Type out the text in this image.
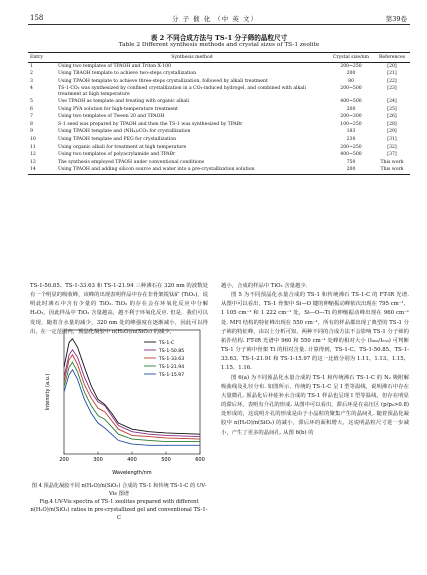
158	分 子 催 化 （中 英 文）	第39卷
表 2 不同合成方法与 TS-1 分子筛的晶粒尺寸
Table 2 Different synthesis methods and crystal sizes of TS-1 zeolite
Entry	Synthesis method	Crystal size/nm	References
1	Using two templates of TPAOH and Triton X-100	200~250	[20]
2	Using TBAOH template to achieve two-steps crystallization	200	[21]
3	Using TPAOH template to achieve three-steps crystallization, followed by alkali treatment	80	[22]
4	TS-1-CO₂ was synthesized by confined crystallization in a CO₂-induced hydrogel, and combined with alkali treatment at high temperature	200~500	[23]
5	Use TPAOH as template and treating with organic alkali	400~500	[24]
6	Using PVA solution for high-temperature treatment	200	[25]
7	Using two templates of Tween 20 and TPAOH	200~300	[26]
8	S-1 seed was prepared by TPAOH and then the TS-1 was synthesized by TPABr	100~250	[28]
9	Using TPAOH template and (NH₄)₂CO₃ for crystallization	183	[29]
10	Using TPAOH template and PEG for crystallization	230	[31]
11	Using organic alkali for treatment at high temperature	200~250	[32]
12	Using two templates of polyacrylamide and TPABr	400~500	[37]
13	The synthesis employed TPAOH under conventional conditions	750	This work
14	Using TPAOH and adding silicon source and water into a pre-crystallization solution	200	This work

TS-1-50.85、TS-1-33.63 和 TS-1-21.94 三种沸石在 320 nm 的波数处有一个明显的吸收峰，该峰的出现表明样品中存在非骨架锐钛矿 (TiO₂)，说明此时沸石中含有少量的 TiO₂. TiO₂ 的存在会在环氧化反应中分解 H₂O₂，因此样品中 TiO₂ 含量越高，越不利于环氧化反应. 但是，我们可以发现，随着含水量的减少，320 nm 处的峰强度在逐渐减小，因此可以得出，在一定范围内，预晶化凝胶中 n(H₂O)/n(SiO₂) 的减少，

Intensity (a.u.)
Wavelength/nm
200	300	400	500	600
TS-1-C
TS-1-50.85
TS-1-33.63
TS-1-21.94
TS-1-15.97
图 4 预晶化凝胶不同 n(H₂O)/n(SiO₂) 合成的 TS-1 和传统 TS-1-C 的 UV-Vis 图谱
Fig.4 UV-Vis spectra of TS-1 zeolites prepared with different n(H₂O)/n(SiO₂) ratios in pre-crystallized gel and conventional TS-1-C

越小，合成的样品中 TiO₂ 含量越少.

图 5 为不同预晶化水量合成的 TS-1 和传统沸石 TS-1-C 的 FT-IR 光谱. 从图中可以看出，TS-1 骨架中 Si—O 键的伸缩振动峰依次出现在 795 cm⁻¹、1 105 cm⁻¹ 和 1 222 cm⁻¹ 处，Si—O—Ti 的伸缩振动峰出现在 960 cm⁻¹ 处. MFI 结构的特征峰出现在 550 cm⁻¹，所有的样品都出现了典型的 TS-1 分子筛的特征峰，由以上分析可知，两种不同的合成方法不会影响 TS-1 分子筛的拓扑结构. FT-IR 光谱中 960 和 550 cm⁻¹ 处峰的相对大小 (I₉₆₀/I₅₅₀) 可判断 TS-1 分子筛中骨架 Ti 的相对含量. 计算得到，TS-1-C、TS-1-50.85、TS-1-33.63、TS-1-21.91 和 TS-1-15.97 的这一比值分别为 1.11、1.13、1.15、1.15、1.16.

图 6(a) 为不同预晶化水量合成的 TS-1 和传统沸石 TS-1-C 的 N₂ 吸附解吸曲线及孔径分布. 如图所示，传统的 TS-1-C 呈 I 型等温线，说明沸石中存在大量微孔. 预晶化后补硅补水合成的 TS-1 样品也呈现 I 型等温线，但存在明显的滞后环，表明有介孔的形成. 从图中可以看出，滞后环是在高压区 (p/p₀>0.8) 处形成的，这说明介孔的形成是由于小晶粒的聚集产生的晶间孔. 随着预晶化凝胶中 n(H₂O)/n(SiO₂) 的减小，滞后环的面积增大，这说明晶粒尺寸进一步减小，产生了更多的晶间孔. 从图 6(b) 的
